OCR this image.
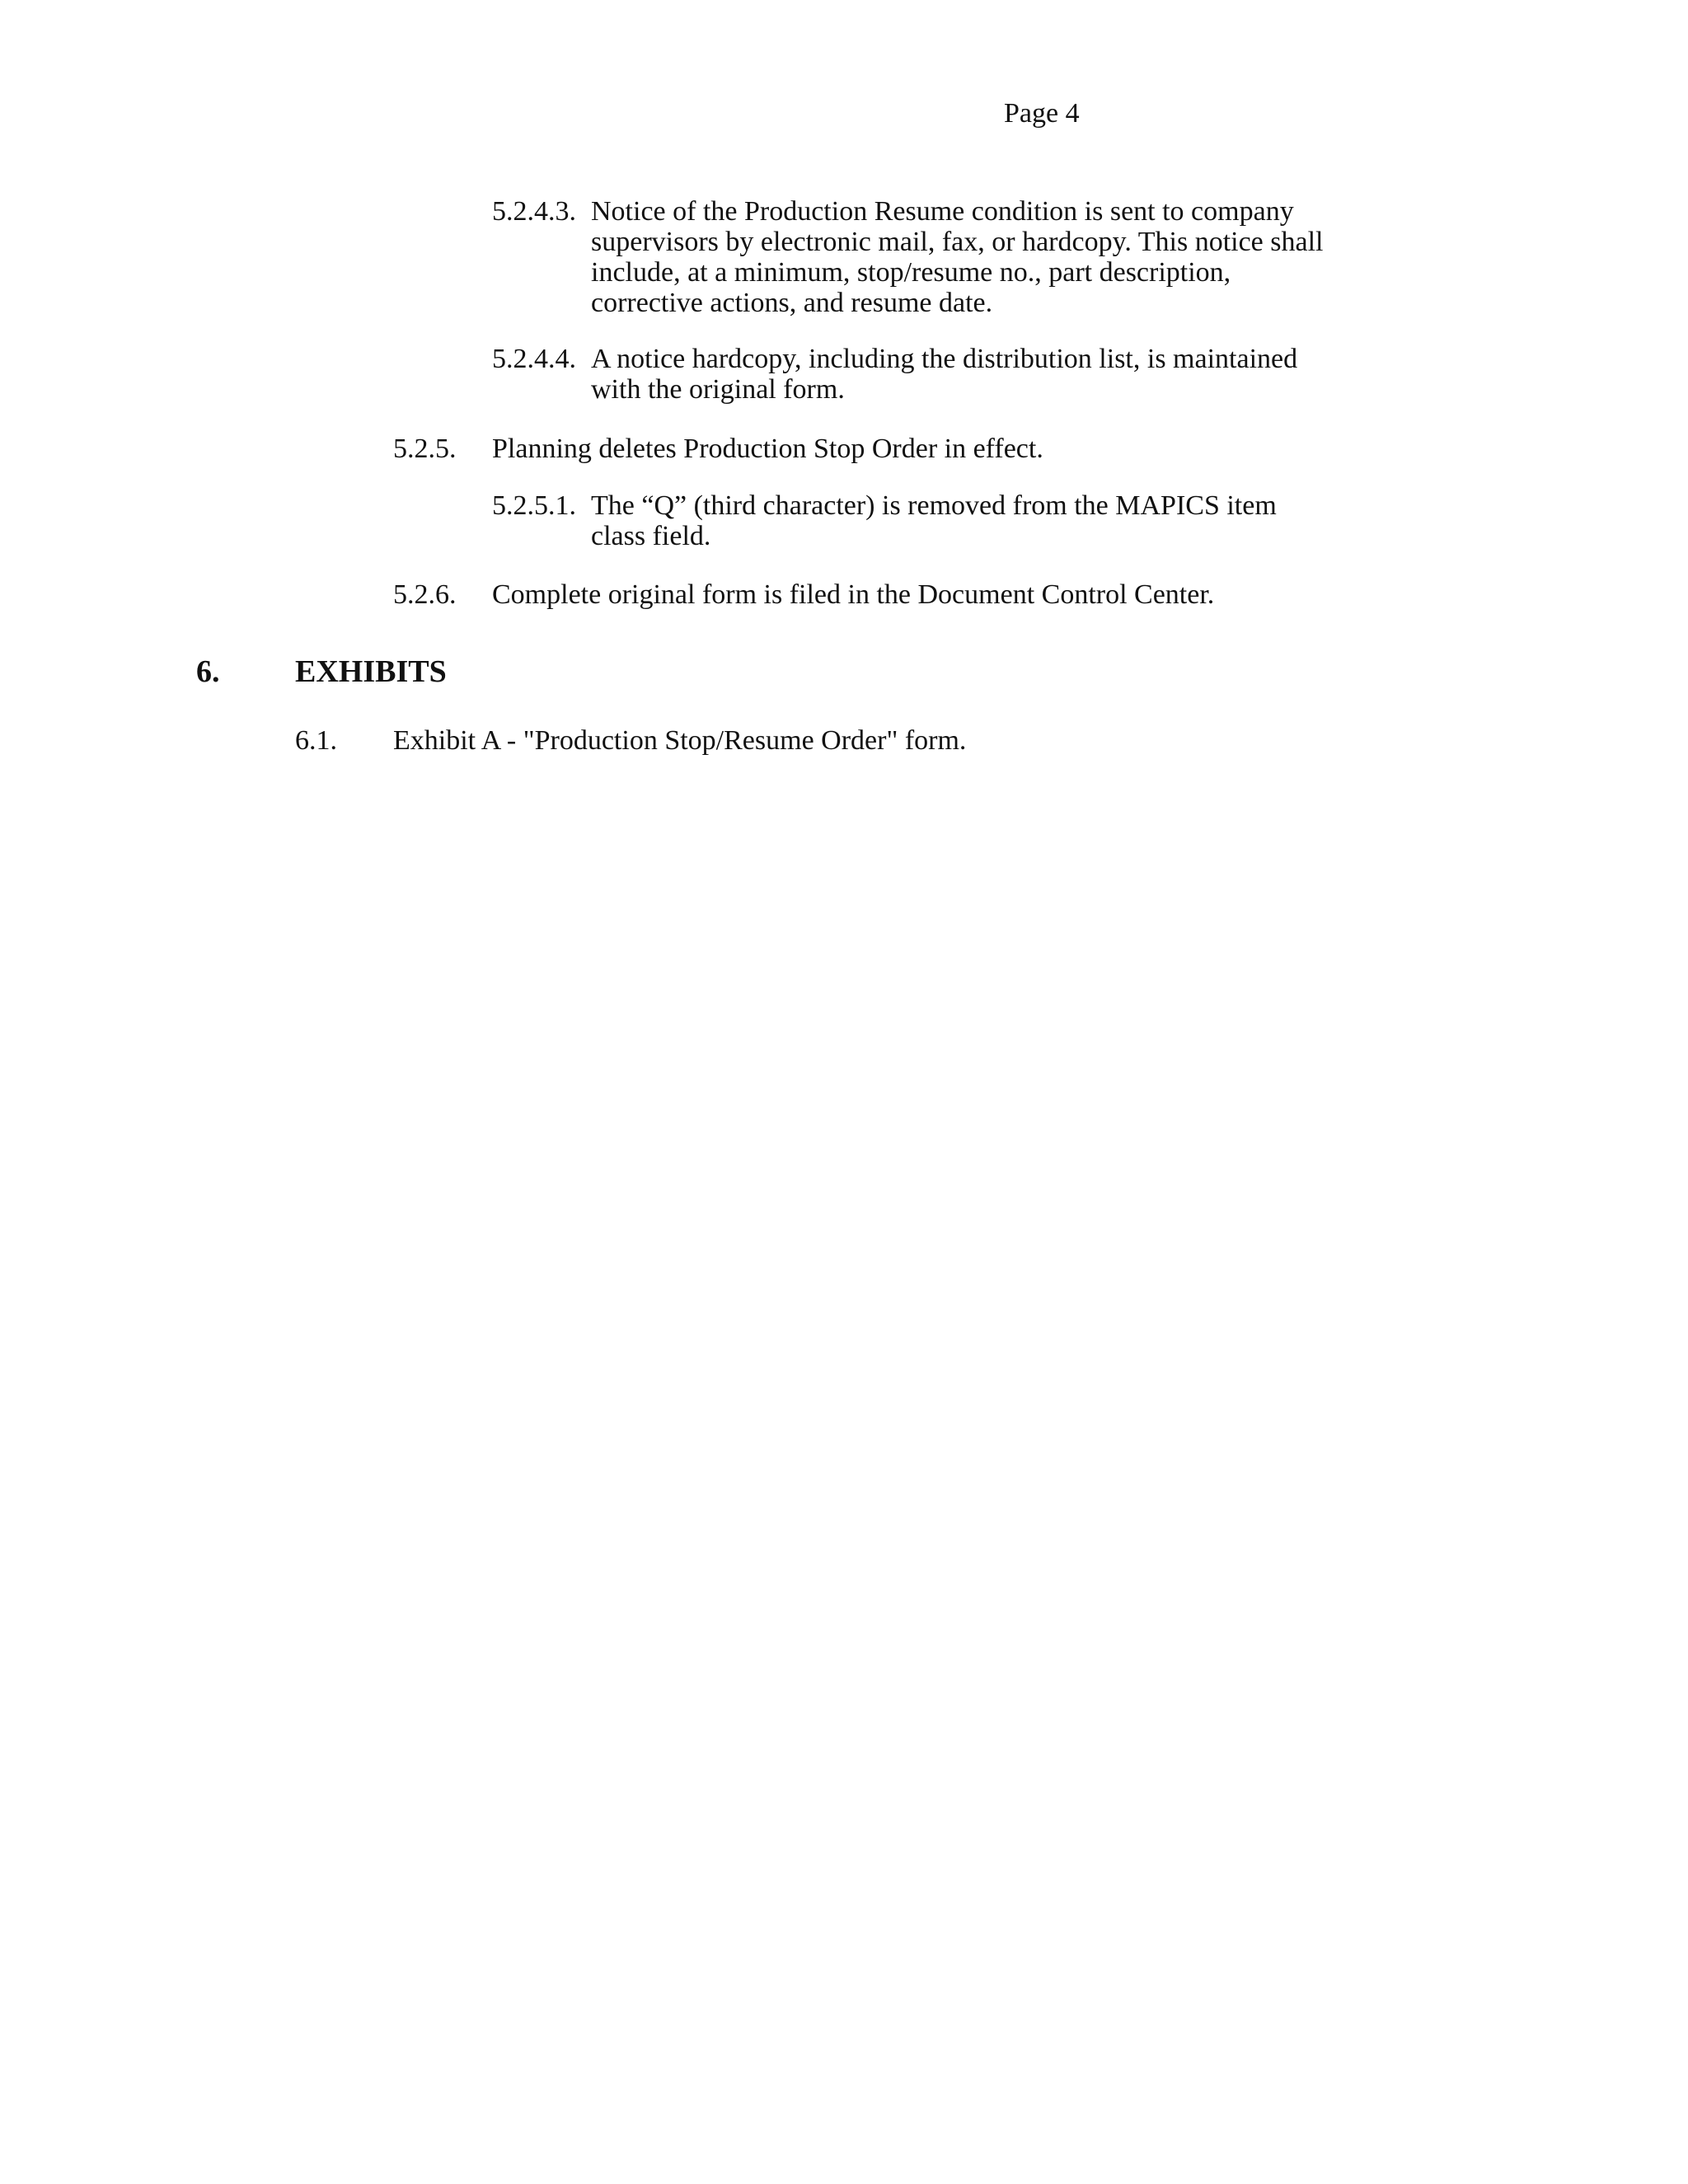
Page 4
5.2.4.3. Notice of the Production Resume condition is sent to company
supervisors by electronic mail, fax, or hardcopy. This notice shall
include, at a minimum, stop/resume no., part description,
corrective actions, and resume date.
5.2.4.4. A notice hardcopy, including the distribution list, is maintained
with the original form.
5.2.5. Planning deletes Production Stop Order in effect.
5.2.5.1. The “Q” (third character) is removed from the MAPICS item
class field.
5.2.6. Complete original form is filed in the Document Control Center.
6. EXHIBITS
6.1. Exhibit A - "Production Stop/Resume Order" form.
